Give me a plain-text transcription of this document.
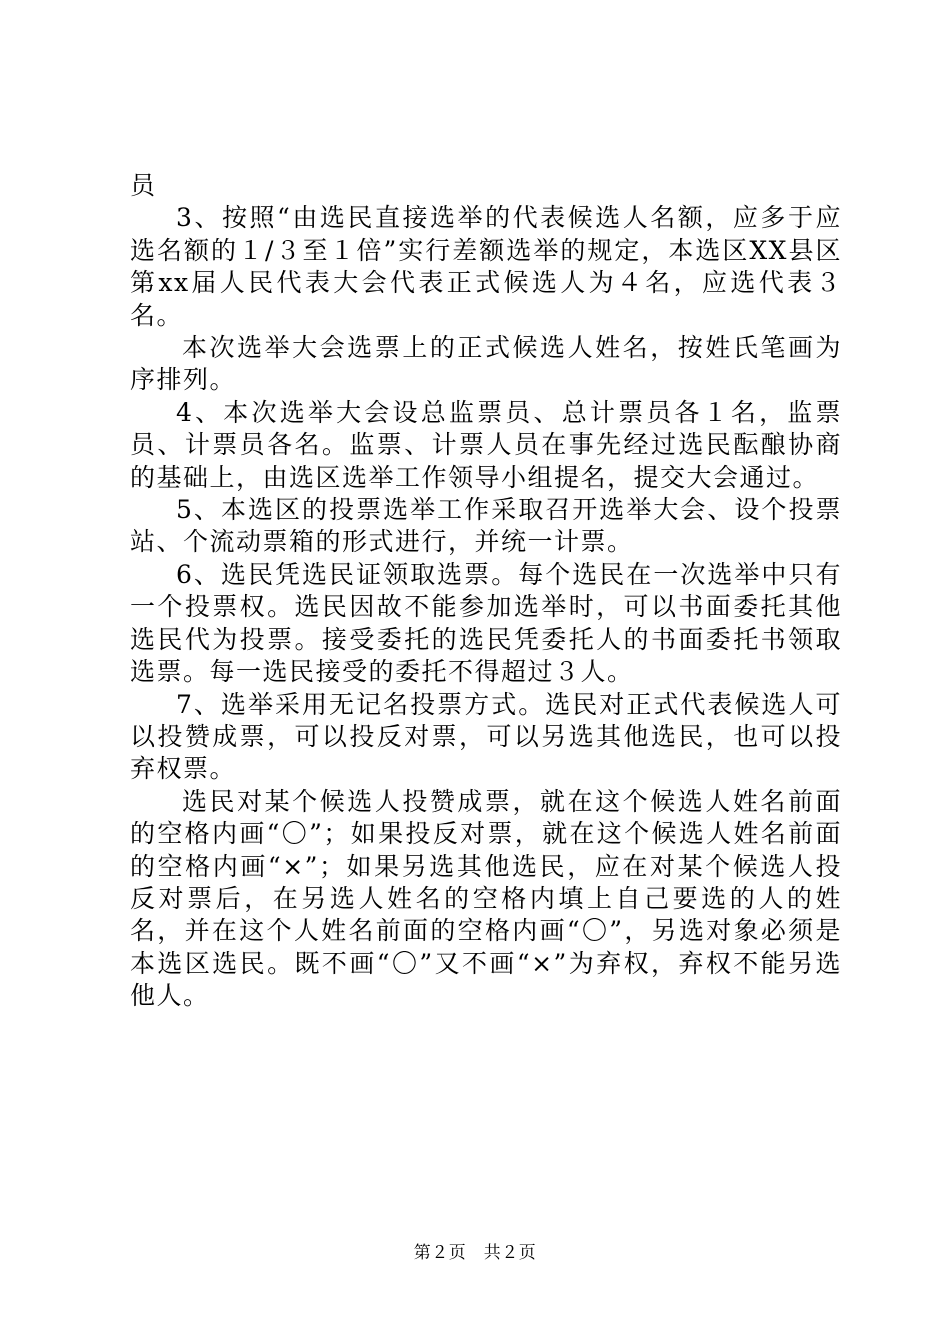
员

3、按照“由选民直接选举的代表候选人名额，应多于应选名额的１/３至１倍”实行差额选举的规定，本选区XX县区第xx届人民代表大会代表正式候选人为４名，应选代表３名。

本次选举大会选票上的正式候选人姓名，按姓氏笔画为序排列。

4、本次选举大会设总监票员、总计票员各１名，监票员、计票员各名。监票、计票人员在事先经过选民酝酿协商的基础上，由选区选举工作领导小组提名，提交大会通过。

5、本选区的投票选举工作采取召开选举大会、设个投票站、个流动票箱的形式进行，并统一计票。

6、选民凭选民证领取选票。每个选民在一次选举中只有一个投票权。选民因故不能参加选举时，可以书面委托其他选民代为投票。接受委托的选民凭委托人的书面委托书领取选票。每一选民接受的委托不得超过３人。

7、选举采用无记名投票方式。选民对正式代表候选人可以投赞成票，可以投反对票，可以另选其他选民，也可以投弃权票。

选民对某个候选人投赞成票，就在这个候选人姓名前面的空格内画“〇”；如果投反对票，就在这个候选人姓名前面的空格内画“×”；如果另选其他选民，应在对某个候选人投反对票后，在另选人姓名的空格内填上自己要选的人的姓名，并在这个人姓名前面的空格内画“〇”，另选对象必须是本选区选民。既不画“〇”又不画“×”为弃权，弃权不能另选他人。

第２页　共２页
